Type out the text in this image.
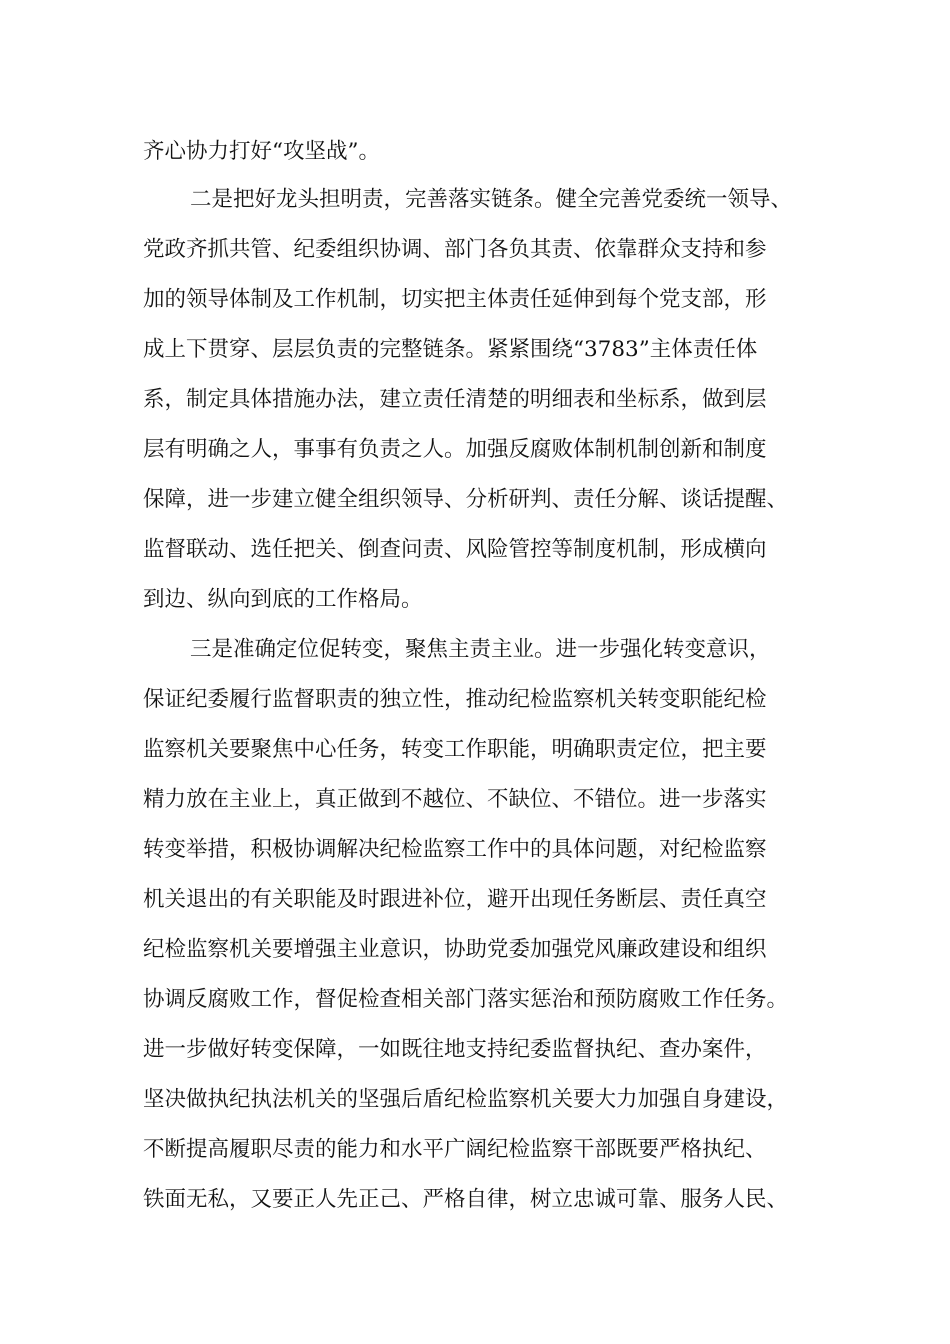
齐心协力打好“攻坚战”。
二是把好龙头担明责，完善落实链条。健全完善党委统一领导、
党政齐抓共管、纪委组织协调、部门各负其责、依靠群众支持和参
加的领导体制及工作机制，切实把主体责任延伸到每个党支部，形
成上下贯穿、层层负责的完整链条。紧紧围绕“3783”主体责任体
系，制定具体措施办法，建立责任清楚的明细表和坐标系，做到层
层有明确之人，事事有负责之人。加强反腐败体制机制创新和制度
保障，进一步建立健全组织领导、分析研判、责任分解、谈话提醒、
监督联动、选任把关、倒查问责、风险管控等制度机制，形成横向
到边、纵向到底的工作格局。
三是准确定位促转变，聚焦主责主业。进一步强化转变意识，
保证纪委履行监督职责的独立性，推动纪检监察机关转变职能纪检
监察机关要聚焦中心任务，转变工作职能，明确职责定位，把主要
精力放在主业上，真正做到不越位、不缺位、不错位。进一步落实
转变举措，积极协调解决纪检监察工作中的具体问题，对纪检监察
机关退出的有关职能及时跟进补位，避开出现任务断层、责任真空
纪检监察机关要增强主业意识，协助党委加强党风廉政建设和组织
协调反腐败工作，督促检查相关部门落实惩治和预防腐败工作任务。
进一步做好转变保障，一如既往地支持纪委监督执纪、查办案件，
坚决做执纪执法机关的坚强后盾纪检监察机关要大力加强自身建设，
不断提高履职尽责的能力和水平广阔纪检监察干部既要严格执纪、
铁面无私，又要正人先正己、严格自律，树立忠诚可靠、服务人民、
